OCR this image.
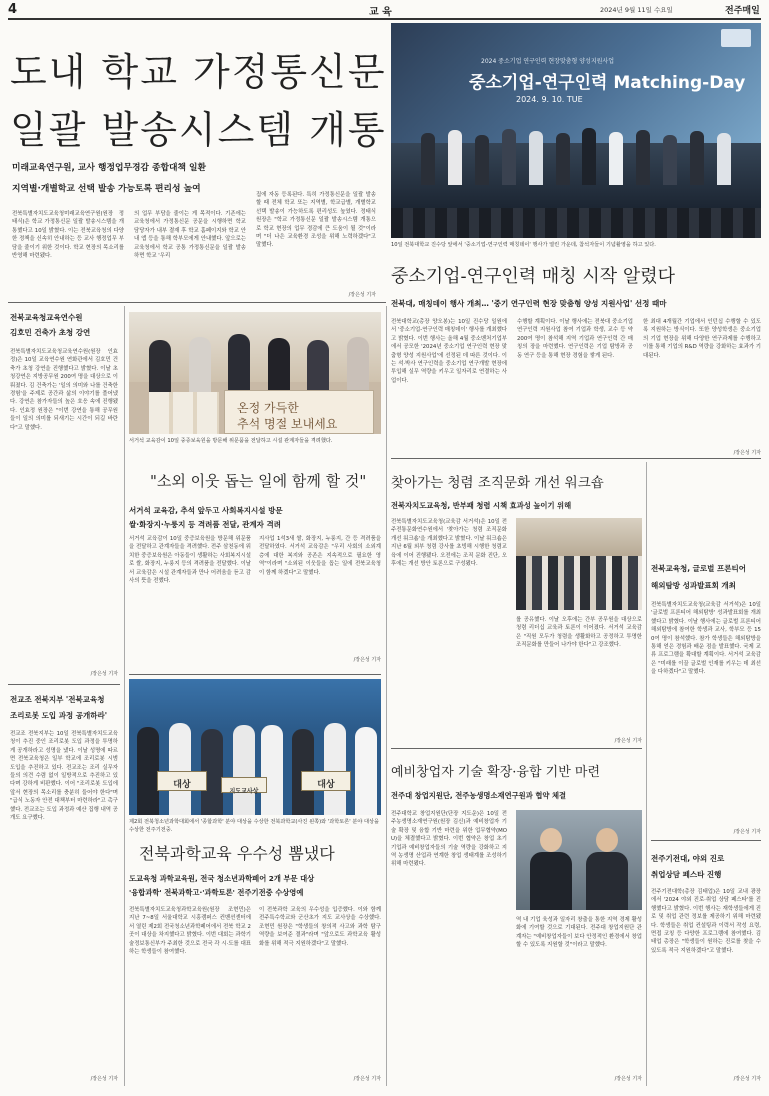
4	교 육	2024년 9월 11일 수요일	전주매일
도내 학교 가정통신문
일괄 발송시스템 개통
미래교육연구원, 교사 행정업무경감 종합대책 일환
지역별·개별학교 선택 발송 가능토록 편리성 높여
전북특별자치도교육청미래교육연구원(원장 정태식)은 학교 가정통신문 일괄 발송시스템을 개통했다고 10일 밝혔다. 이는 전북교육청의 다양한 정책을 신속히 안내하는 등 교사 행정업무 부담을 줄이기 위한 것이다. 학교 현장의 목소리를 반영해 마련됐다.
의 업무 부담을 줄이는 게 목적이다. 기존에는 교육청에서 가정통신문 공문을 시행하면 학교 담당자가 내부 결재 후 학교 홈페이지와 학교 안내 앱 등을 통해 학부모에게 안내했다. 앞으로는 교육청에서 학교 공통 가정통신문을 일괄 발송하면 학교 '우리
집에 자동 등록된다. 특히 가정통신문을 일괄 발송할 때 전체 학교 또는 지역별, 학교급별, 개별학교 선택 발송이 가능하도록 편리성도 높였다. 정태식 원장은 "학교 가정통신문 일괄 발송시스템 개통으로 학교 현장의 업무 경감에 큰 도움이 될 것"이라며 "더 나은 교육환경 조성을 위해 노력하겠다"고 말했다.
/장은성 기자
2024 중소기업 연구인력 현장맞춤형 양성지원사업
중소기업-연구인력 Matching-Day
2024. 9. 10. TUE
10일 전북대학교 진수당 앞에서 '중소기업-연구인력 매칭데이' 행사가 열린 가운데, 참석자들이 기념촬영을 하고 있다.
중소기업-연구인력 매칭 시작 알렸다
전북대, 매칭데이 행사 개최… '중기 연구인력 현장 맞춤형 양성 지원사업' 선정 때마
전북대학교(총장 양오봉)는 10일 진수당 일원에서 '중소기업-연구인력 매칭데이' 행사를 개최했다고 밝혔다. 이번 행사는 올해 4월 중소벤처기업부에서 공모한 '2024년 중소기업 연구인력 현장 맞춤형 양성 지원사업'에 선정된 데 따른 것이다. 이는 석·박사 연구인력을 중소기업 연구개발 현장에 투입해 실무 역량을 키우고 일자리로 연결하는 사업이다.
수행할 계획이다. 이날 행사에는 전북대 중소기업연구인력 지원사업 참여 기업과 학생, 교수 등 약 200여 명이 참석해 지역 기업과 연구인력 간 매칭의 장을 마련했다. 연구인력은 기업 탐방과 공동 연구 등을 통해 현장 경험을 쌓게 된다.
한 최대 4개월간 기업에서 인턴십 수행할 수 있도록 지원하는 방식이다. 또한 양성학생은 중소기업의 기업 현장을 위해 다양한 연구과제를 수행하고 이를 통해 기업의 R&D 역량을 강화하는 효과가 기대된다.
/장은성 기자
전북교육청교육연수원
김호민 건축가 초청 강연
전북특별자치도교육청교육연수원(원장 인효정)은 10일 교육연수원 연화관에서 김호민 건축가 초청 강연을 진행했다고 밝혔다. 이날 초청강연은 지방공무원 200여 명을 대상으로 이뤄졌다. 김 건축가는 '일의 의미와 나를 건축한 경험'을 주제로 공간과 삶의 이야기를 풀어냈다. 강연은 참가자들의 높은 호응 속에 진행됐다. 인효정 원장은 "이번 강연을 통해 공무원들이 일의 의미를 되새기는 시간이 되길 바란다"고 말했다.
/장은성 기자
온정 가득한
추석 명절 보내세요
서거석 교육감이 10일 중증보육원을 방문해 위문품을 전달하고 시설 관계자들을 격려했다.
"소외 이웃 돕는 일에 함께 할 것"
서거석 교육감, 추석 앞두고 사회복지시설 방문
쌀·화장지·누룽지 등 격려품 전달, 관계자 격려
서거석 교육감이 10일 중증보육원을 방문해 위문품을 전달하고 관계자들을 격려했다. 전주 삼천동에 위치한 중증보육원은 아동들이 생활하는 사회복지시설로 쌀, 화장지, 누룽지 등의 격려품을 전달했다. 이날 서 교육감은 시설 관계자들과 만나 어려움을 듣고 감사의 뜻을 전했다.
지사업 1석3새 쌀, 화장지, 누룽지, 간 등 격려품을 전달하였다. 서거석 교육감은 "우리 사회의 소외계층에 대한 복지와 공존은 지속적으로 필요한 영역"이라며 "소외된 이웃들을 돕는 일에 전북교육청이 함께 하겠다"고 말했다.
/장은성 기자
전교조 전북지부 '전북교육청
조리로봇 도입 과정 공개하라'
전교조 전북지부는 10일 전북특별자치도교육청이 추진 중인 조리로봇 도입 과정을 투명하게 공개하라고 성명을 냈다. 이날 성명에 따르면 전북교육청은 일부 학교에 조리로봇 시범 도입을 추진하고 있다. 전교조는 조리 실무자들의 의견 수렴 없이 일방적으로 추진하고 있다며 강하게 비판했다. 이어 "조리로봇 도입에 앞서 현장의 목소리를 충분히 들어야 한다"며 "급식 노동자 안전 대책부터 마련하라"고 촉구했다. 전교조는 도입 과정과 예산 집행 내역 공개도 요구했다.
/장은성 기자
대상
지도교사상
대상
제2회 전북청소년과학대회에서 '종합과학' 분야 대상을 수상한 전북과학교(사진 왼쪽)와 '과학토론' 분야 대상을 수상한 전주기전중.
전북과학교육 우수성 뽐냈다
도교육청 과학교육원, 전국 청소년과학페어 2개 부문 대상
'융합과학' 전북과학고·'과학토론' 전주기전중 수상영예
전북특별자치도교육청과학교육원(원장 조현민)은 지난 7~8일 서울대학교 시흥캠퍼스 컨벤션센터에서 열린 제2회 전국청소년과학페어에서 전북 학교 2곳이 대상을 차지했다고 밝혔다. 이번 대회는 과학기술정보통신부가 주최한 것으로 전국 각 시·도를 대표하는 학생들이 참여했다.
이 전북과학 교육의 우수성을 입증했다. 이와 함께 전주특수학교와 군산초가 지도 교사상을 수상했다. 조현민 원장은 "학생들의 창의적 사고와 과학 탐구 역량을 보여준 결과"라며 "앞으로도 과학교육 활성화를 위해 적극 지원하겠다"고 말했다.
/장은성 기자
찾아가는 청렴 조직문화 개선 워크숍
전북자치도교육청, 반부패 청렴 시책 효과성 높이기 위해
전북특별자치도교육청(교육감 서거석)은 10일 전주전통문화연수원에서 '찾아가는 청렴 조직문화 개선 워크숍'을 개최했다고 밝혔다. 이날 워크숍은 지난 6월 외부 청렴 강사를 초빙해 시행한 청렴교육에 이어 진행됐다. 오전에는 조직 문화 진단, 오후에는 개선 방안 토론으로 구성됐다.
를 공유했다. 이날 오후에는 간부 공무원을 대상으로 청렴 리더십 교육과 토론이 이어졌다. 서거석 교육감은 "직원 모두가 청렴을 생활화하고 공정하고 투명한 조직문화를 만들어 나가야 한다"고 강조했다.
/장은성 기자
예비창업자 기술 확장·융합 기반 마련
전주대 창업지원단, 전주농생명소재연구원과 협약 체결
전주대학교 창업지원단(단장 지도운)은 10일 전주농생명소재연구원(원장 김신)과 예비창업자 기술 확장 및 융합 기반 마련을 위한 업무협약(MOU)을 체결했다고 밝혔다. 이번 협약은 창업 초기 기업과 예비창업자들의 기술 역량을 강화하고 지역 농생명 산업과 연계한 창업 생태계를 조성하기 위해 마련됐다.
역 내 기업 육성과 일자리 창출을 통한 지역 경제 활성화에 기여할 것으로 기대된다. 전주대 창업지원단 관계자는 "예비창업자들이 보다 안정적인 환경에서 창업할 수 있도록 지원할 것"이라고 말했다.
/장은성 기자
전북교육청, 글로벌 프론티어
해외탐방 성과발표회 개최
전북특별자치도교육청(교육감 서거석)은 10일 '글로벌 프론티어 해외탐방' 성과발표회를 개최했다고 밝혔다. 이날 행사에는 글로벌 프론티어 해외탐방에 참여한 학생과 교사, 학부모 등 150여 명이 참석했다. 참가 학생들은 해외탐방을 통해 얻은 경험과 배운 점을 발표했다. 국제 교류 프로그램을 확대할 계획이다. 서거석 교육감은 "미래를 이끌 글로벌 인재를 키우는 데 최선을 다하겠다"고 말했다.
/장은성 기자
전주기전대, 야외 진로
취업상담 페스타 진행
전주기전대학(총장 김태업)은 10일 교내 광장에서 '2024 야외 진로·취업 상담 페스타'를 진행했다고 밝혔다. 이번 행사는 재학생들에게 진로 및 취업 관련 정보를 제공하기 위해 마련됐다. 학생들은 취업 컨설팅과 이력서 작성 요령, 면접 코칭 등 다양한 프로그램에 참여했다. 김태업 총장은 "학생들이 원하는 진로를 찾을 수 있도록 적극 지원하겠다"고 말했다.
/장은성 기자
